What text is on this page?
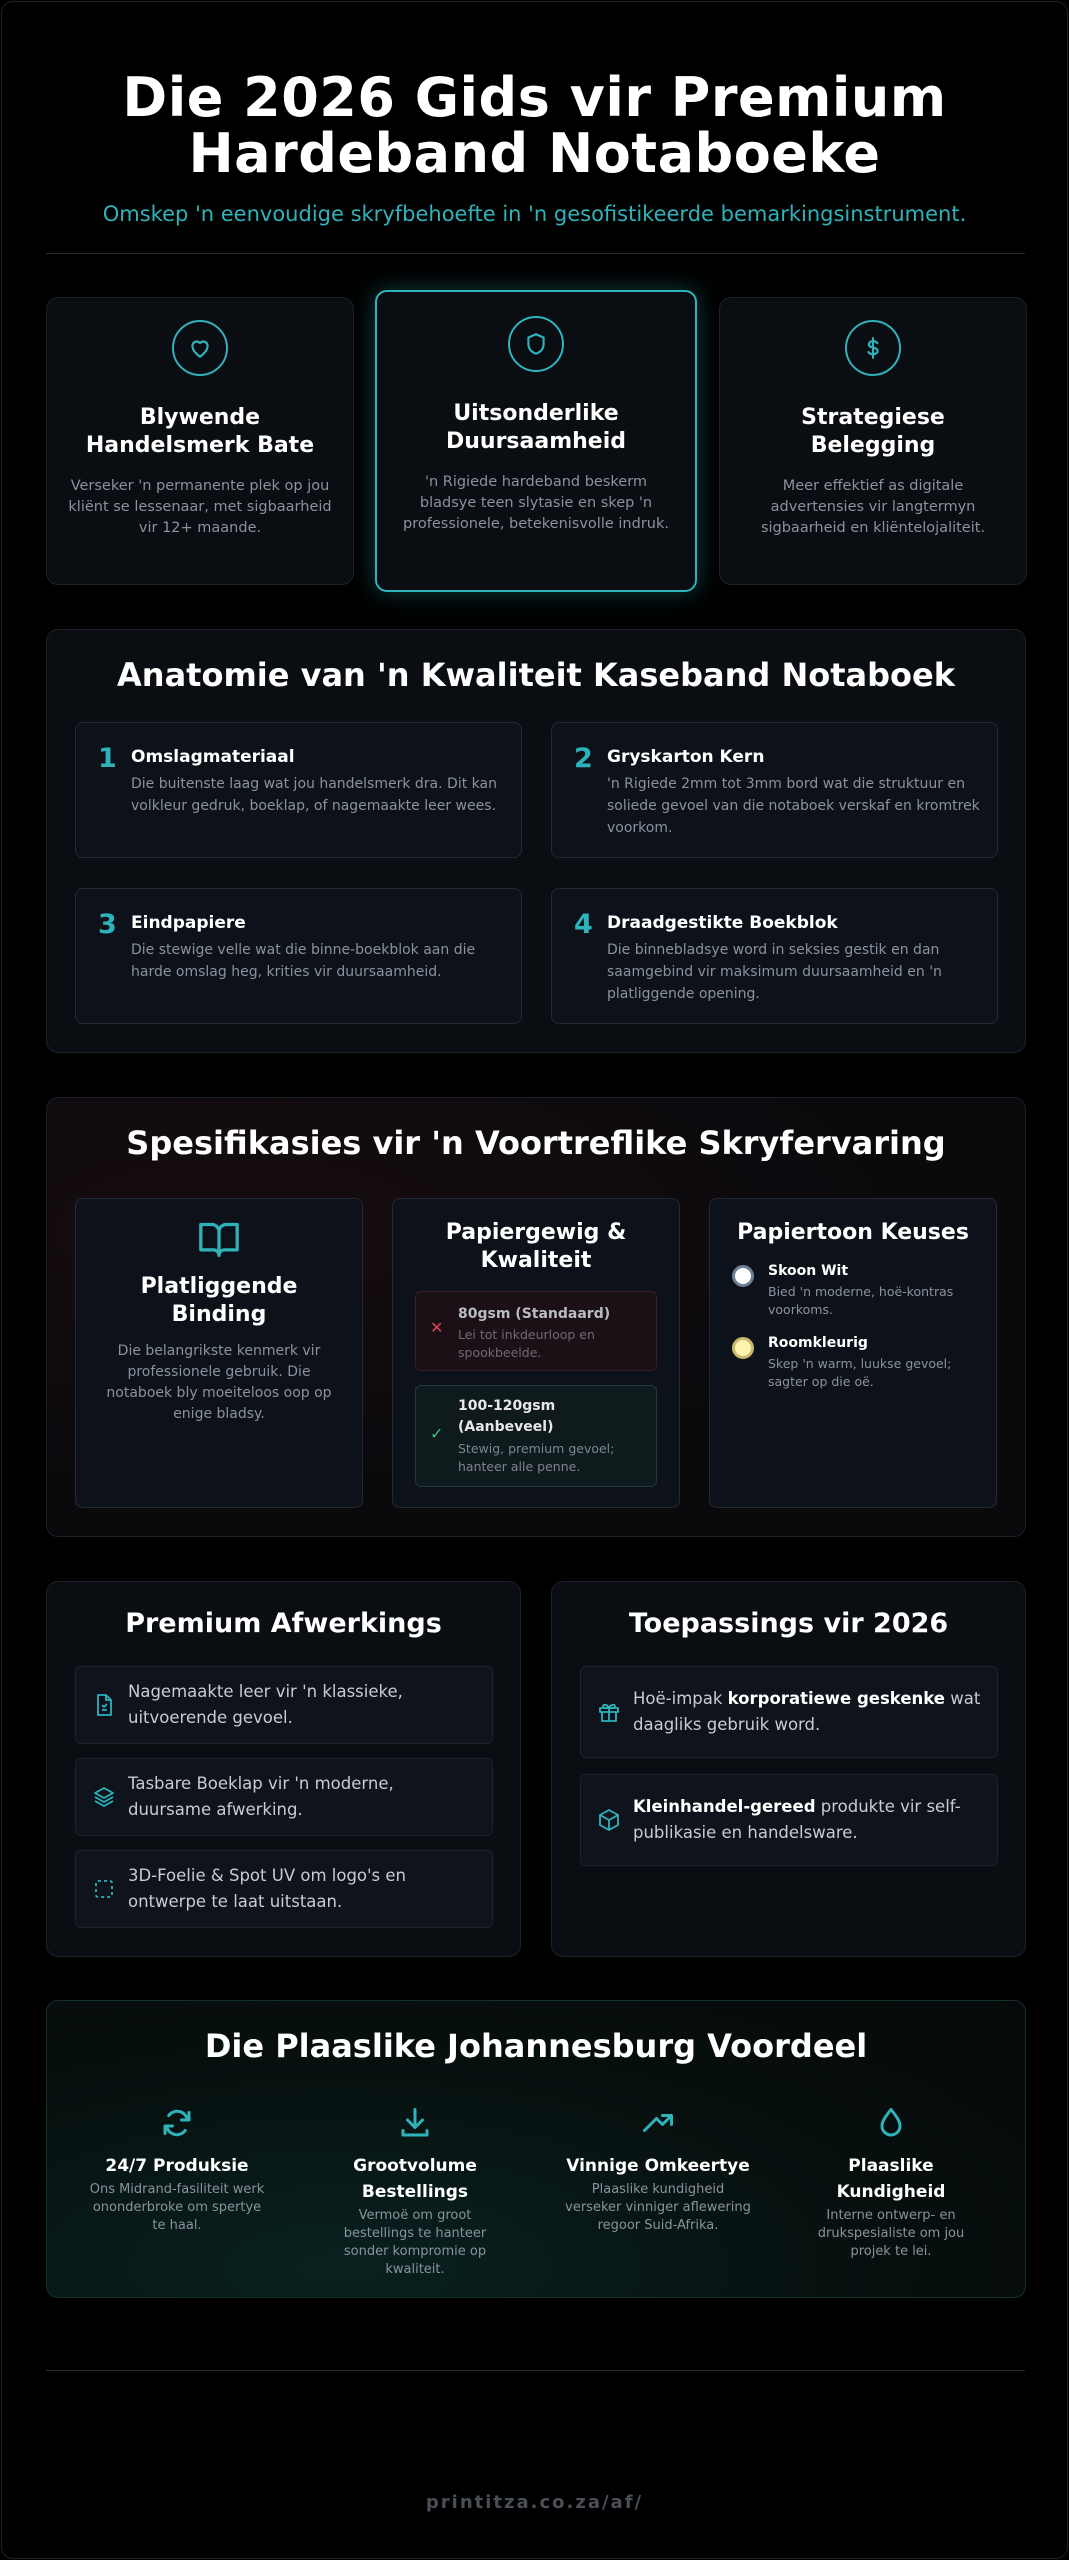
Die 2026 Gids vir Premium
Hardeband Notaboeke
Omskep 'n eenvoudige skryfbehoefte in 'n gesofistikeerde bemarkingsinstrument.
Blywende Handelsmerk Bate

Verseker 'n permanente plek op jou kliënt se lessenaar, met sigbaarheid vir 12+ maande.

Uitsonderlike Duursaamheid

'n Rigiede hardeband beskerm bladsye teen slytasie en skep 'n professionele, betekenisvolle indruk.

Strategiese Belegging

Meer effektief as digitale advertensies vir langtermyn sigbaarheid en kliëntelojaliteit.

Anatomie van 'n Kwaliteit Kaseband Notaboek
1 Omslagmateriaal

Die buitenste laag wat jou handelsmerk dra. Dit kan volkleur gedruk, boeklap, of nagemaakte leer wees.

2 Gryskarton Kern

'n Rigiede 2mm tot 3mm bord wat die struktuur en soliede gevoel van die notaboek verskaf en kromtrek voorkom.

3 Eindpapiere

Die stewige velle wat die binne-boekblok aan die harde omslag heg, krities vir duursaamheid.

4 Draadgestikte Boekblok

Die binnebladsye word in seksies gestik en dan saamgebind vir maksimum duursaamheid en 'n platliggende opening.

Spesifikasies vir 'n Voortreflike Skryfervaring
Platliggende Binding

Die belangrikste kenmerk vir professionele gebruik. Die notaboek bly moeiteloos oop op enige bladsy.

Papiergewig & Kwaliteit
✕
80gsm (Standaard)
Lei tot inkdeurloop en spookbeelde.
✓
100-120gsm (Aanbeveel)
Stewig, premium gevoel; hanteer alle penne.
Papiertoon Keuses
Skoon Wit
Bied 'n moderne, hoë-kontras voorkoms.
Roomkleurig
Skep 'n warm, luukse gevoel; sagter op die oë.
Premium Afwerkings
Nagemaakte leer vir 'n klassieke, uitvoerende gevoel.
Tasbare Boeklap vir 'n moderne, duursame afwerking.
3D-Foelie & Spot UV om logo's en ontwerpe te laat uitstaan.
Toepassings vir 2026
Hoë-impak korporatiewe geskenke wat daagliks gebruik word.
Kleinhandel-gereed produkte vir self-publikasie en handelsware.
Die Plaaslike Johannesburg Voordeel
24/7 Produksie

Ons Midrand-fasiliteit werk ononderbroke om spertye te haal.

Grootvolume Bestellings

Vermoë om groot bestellings te hanteer sonder kompromie op kwaliteit.

Vinnige Omkeertye

Plaaslike kundigheid verseker vinniger aflewering regoor Suid-Afrika.

Plaaslike Kundigheid

Interne ontwerp- en drukspesialiste om jou projek te lei.

printitza.co.za/af/
